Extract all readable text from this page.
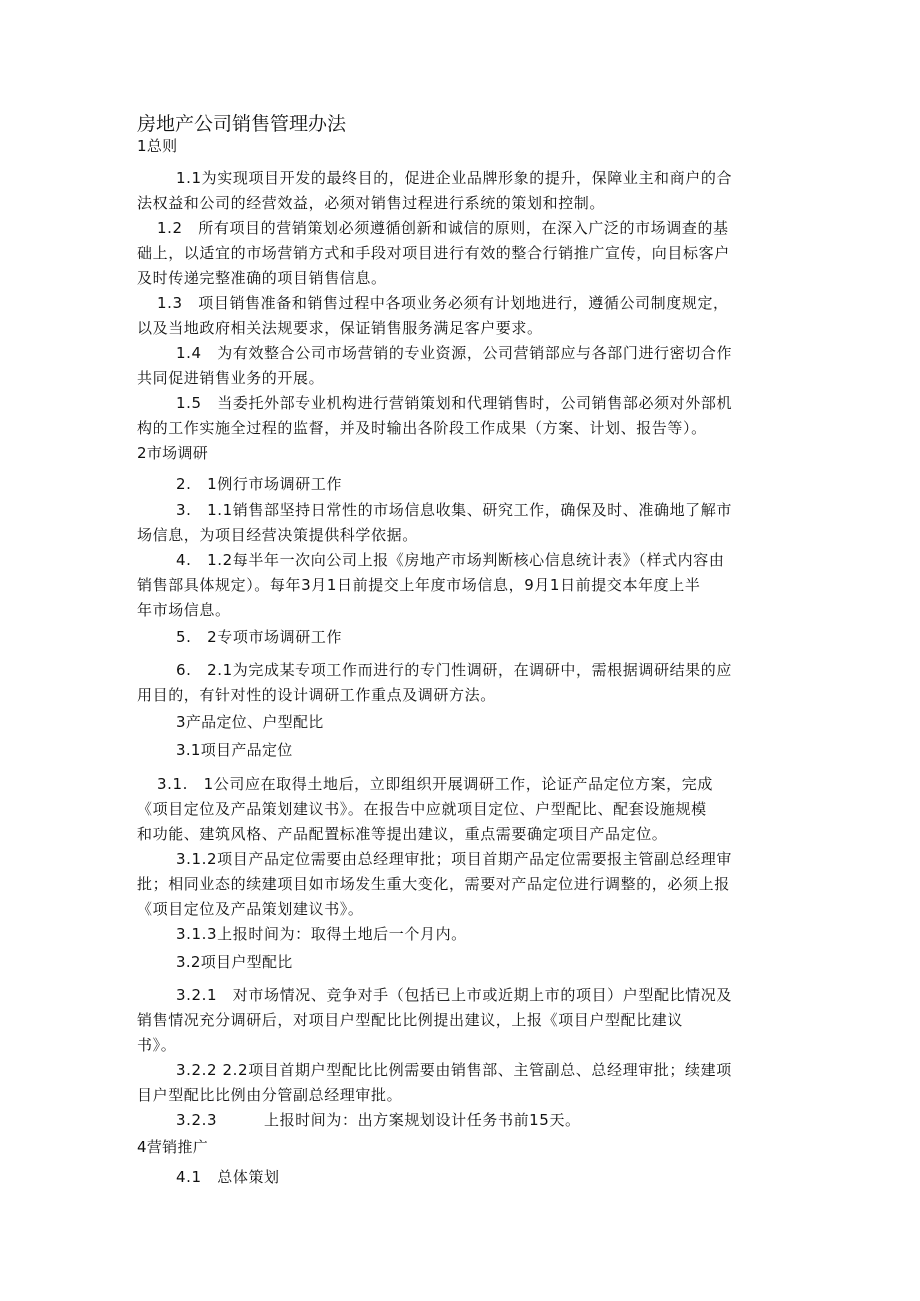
房地产公司销售管理办法
1总则
1.1为实现项目开发的最终目的，促进企业品牌形象的提升，保障业主和商户的合
法权益和公司的经营效益，必须对销售过程进行系统的策划和控制。
1.2　所有项目的营销策划必须遵循创新和诚信的原则，在深入广泛的市场调查的基
础上，以适宜的市场营销方式和手段对项目进行有效的整合行销推广宣传，向目标客户
及时传递完整准确的项目销售信息。
1.3　项目销售准备和销售过程中各项业务必须有计划地进行，遵循公司制度规定，
以及当地政府相关法规要求，保证销售服务满足客户要求。
1.4　为有效整合公司市场营销的专业资源，公司营销部应与各部门进行密切合作
共同促进销售业务的开展。
1.5　当委托外部专业机构进行营销策划和代理销售时，公司销售部必须对外部机
构的工作实施全过程的监督，并及时输出各阶段工作成果（方案、计划、报告等）。
2市场调研
2.　1例行市场调研工作
3.　1.1销售部坚持日常性的市场信息收集、研究工作，确保及时、准确地了解市
场信息，为项目经营决策提供科学依据。
4.　1.2每半年一次向公司上报《房地产市场判断核心信息统计表》（样式内容由
销售部具体规定）。每年3月1日前提交上年度市场信息，9月1日前提交本年度上半
年市场信息。
5.　2专项市场调研工作
6.　2.1为完成某专项工作而进行的专门性调研，在调研中，需根据调研结果的应
用目的，有针对性的设计调研工作重点及调研方法。
3产品定位、户型配比
3.1项目产品定位
3.1.　1公司应在取得土地后，立即组织开展调研工作，论证产品定位方案，完成
《项目定位及产品策划建议书》。在报告中应就项目定位、户型配比、配套设施规模
和功能、建筑风格、产品配置标准等提出建议，重点需要确定项目产品定位。
3.1.2项目产品定位需要由总经理审批；项目首期产品定位需要报主管副总经理审
批；相同业态的续建项目如市场发生重大变化，需要对产品定位进行调整的，必须上报
《项目定位及产品策划建议书》。
3.1.3上报时间为：取得土地后一个月内。
3.2项目户型配比
3.2.1　对市场情况、竞争对手（包括已上市或近期上市的项目）户型配比情况及
销售情况充分调研后，对项目户型配比比例提出建议，上报《项目户型配比建议
书》。
3.2.2 2.2项目首期户型配比比例需要由销售部、主管副总、总经理审批；续建项
目户型配比比例由分管副总经理审批。
3.2.3　　　上报时间为：出方案规划设计任务书前15天。
4营销推广
4.1　总体策划
